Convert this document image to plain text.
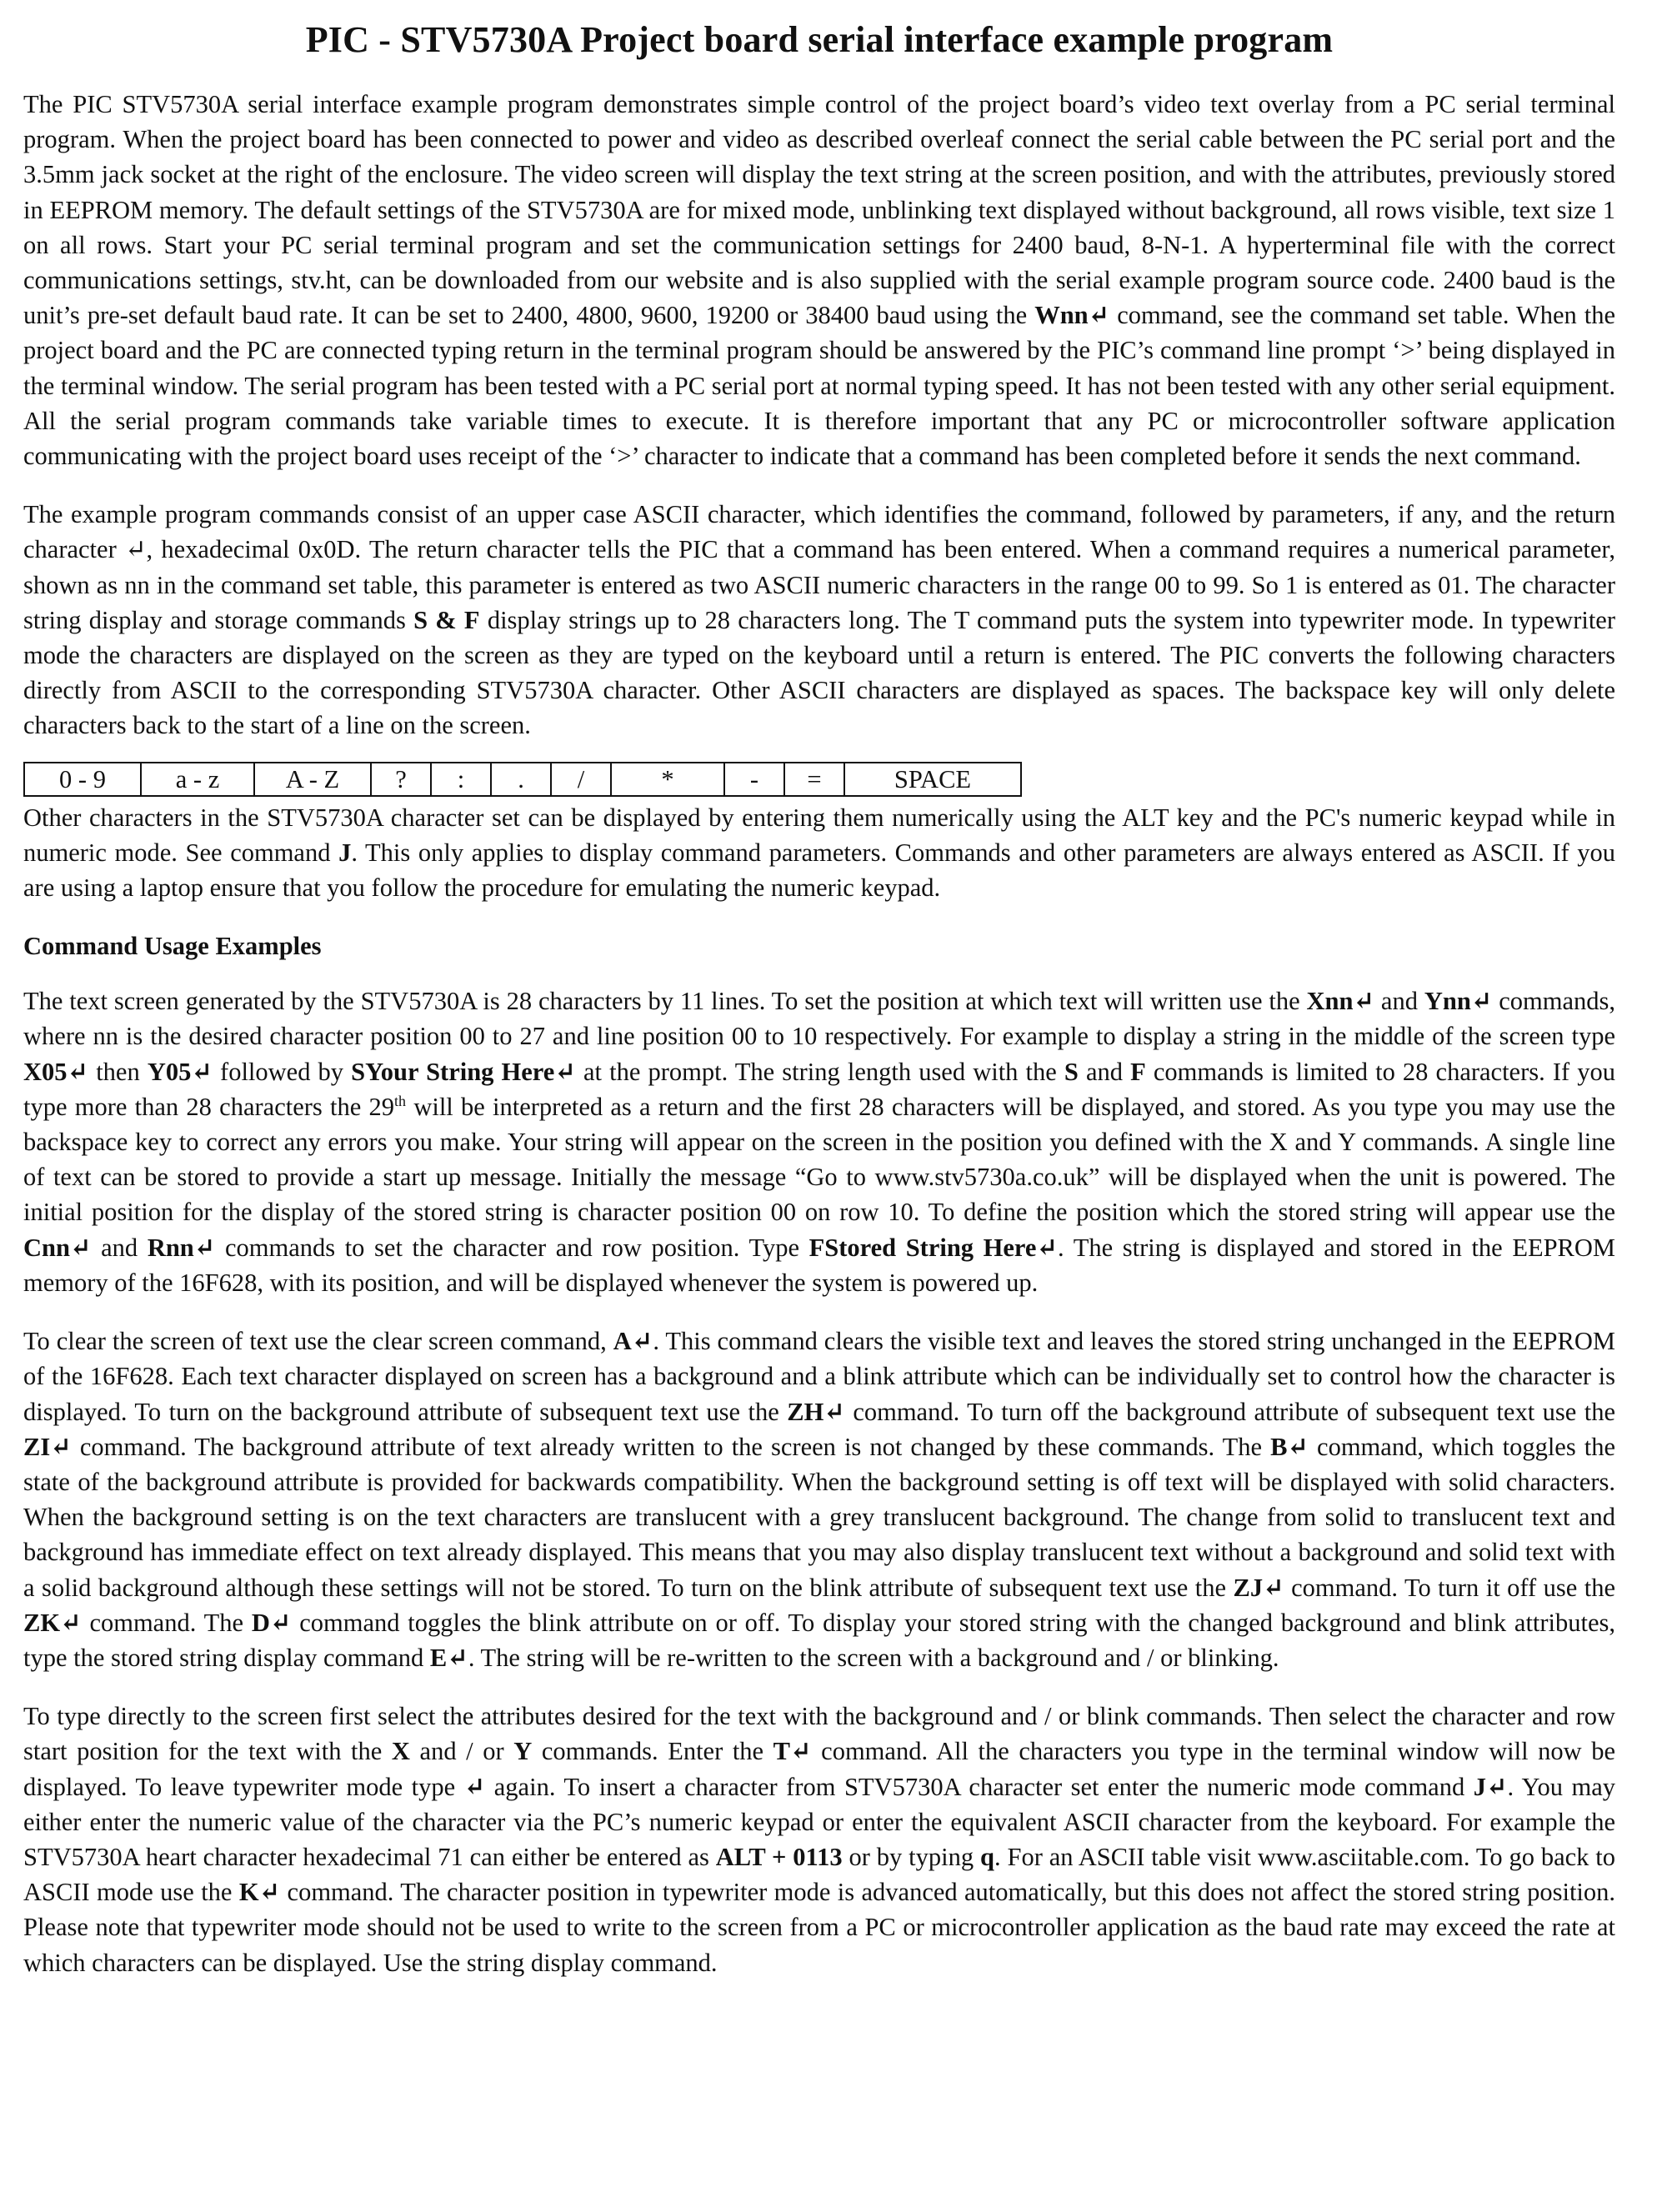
PIC - STV5730A Project board serial interface example program

The PIC STV5730A serial interface example program demonstrates simple control of the project board’s video text overlay from a PC serial terminal program. When the project board has been connected to power and video as described overleaf connect the serial cable between the PC serial port and the 3.5mm jack socket at the right of the enclosure. The video screen will display the text string at the screen position, and with the attributes, previously stored in EEPROM memory. The default settings of the STV5730A are for mixed mode, unblinking text displayed without background, all rows visible, text size 1 on all rows. Start your PC serial terminal program and set the communication settings for 2400 baud, 8-N-1. A hyperterminal file with the correct communications settings, stv.ht, can be downloaded from our website and is also supplied with the serial example program source code. 2400 baud is the unit’s pre-set default baud rate. It can be set to 2400, 4800, 9600, 19200 or 38400 baud using the Wnn↵ command, see the command set table. When the project board and the PC are connected typing return in the terminal program should be answered by the PIC’s command line prompt ‘>’ being displayed in the terminal window. The serial program has been tested with a PC serial port at normal typing speed. It has not been tested with any other serial equipment. All the serial program commands take variable times to execute. It is therefore important that any PC or microcontroller software application communicating with the project board uses receipt of the ‘>’ character to indicate that a command has been completed before it sends the next command.

The example program commands consist of an upper case ASCII character, which identifies the command, followed by parameters, if any, and the return character ↵, hexadecimal 0x0D. The return character tells the PIC that a command has been entered. When a command requires a numerical parameter, shown as nn in the command set table, this parameter is entered as two ASCII numeric characters in the range 00 to 99. So 1 is entered as 01. The character string display and storage commands S & F display strings up to 28 characters long. The T command puts the system into typewriter mode. In typewriter mode the characters are displayed on the screen as they are typed on the keyboard until a return is entered. The PIC converts the following characters directly from ASCII to the corresponding STV5730A character. Other ASCII characters are displayed as spaces. The backspace key will only delete characters back to the start of a line on the screen.

0 - 9	a - z	A - Z	?	:	.	/	*	-	=	SPACE

Other characters in the STV5730A character set can be displayed by entering them numerically using the ALT key and the PC's numeric keypad while in numeric mode. See command J. This only applies to display command parameters. Commands and other parameters are always entered as ASCII. If you are using a laptop ensure that you follow the procedure for emulating the numeric keypad.

Command Usage Examples

The text screen generated by the STV5730A is 28 characters by 11 lines. To set the position at which text will written use the Xnn↵ and Ynn↵ commands, where nn is the desired character position 00 to 27 and line position 00 to 10 respectively. For example to display a string in the middle of the screen type X05↵ then Y05↵ followed by SYour String Here↵ at the prompt. The string length used with the S and F commands is limited to 28 characters. If you type more than 28 characters the 29th will be interpreted as a return and the first 28 characters will be displayed, and stored. As you type you may use the backspace key to correct any errors you make. Your string will appear on the screen in the position you defined with the X and Y commands. A single line of text can be stored to provide a start up message. Initially the message “Go to www.stv5730a.co.uk” will be displayed when the unit is powered. The initial position for the display of the stored string is character position 00 on row 10. To define the position which the stored string will appear use the Cnn↵ and Rnn↵ commands to set the character and row position. Type FStored String Here↵. The string is displayed and stored in the EEPROM memory of the 16F628, with its position, and will be displayed whenever the system is powered up.

To clear the screen of text use the clear screen command, A↵. This command clears the visible text and leaves the stored string unchanged in the EEPROM of the 16F628. Each text character displayed on screen has a background and a blink attribute which can be individually set to control how the character is displayed. To turn on the background attribute of subsequent text use the ZH↵ command. To turn off the background attribute of subsequent text use the ZI↵ command. The background attribute of text already written to the screen is not changed by these commands. The B↵ command, which toggles the state of the background attribute is provided for backwards compatibility. When the background setting is off text will be displayed with solid characters. When the background setting is on the text characters are translucent with a grey translucent background. The change from solid to translucent text and background has immediate effect on text already displayed. This means that you may also display translucent text without a background and solid text with a solid background although these settings will not be stored. To turn on the blink attribute of subsequent text use the ZJ↵ command. To turn it off use the ZK↵ command. The D↵ command toggles the blink attribute on or off. To display your stored string with the changed background and blink attributes, type the stored string display command E↵. The string will be re-written to the screen with a background and / or blinking.

To type directly to the screen first select the attributes desired for the text with the background and / or blink commands. Then select the character and row start position for the text with the X and / or Y commands. Enter the T↵ command. All the characters you type in the terminal window will now be displayed. To leave typewriter mode type ↵ again. To insert a character from STV5730A character set enter the numeric mode command J↵. You may either enter the numeric value of the character via the PC’s numeric keypad or enter the equivalent ASCII character from the keyboard. For example the STV5730A heart character hexadecimal 71 can either be entered as ALT + 0113 or by typing q. For an ASCII table visit www.asciitable.com. To go back to ASCII mode use the K↵ command. The character position in typewriter mode is advanced automatically, but this does not affect the stored string position. Please note that typewriter mode should not be used to write to the screen from a PC or microcontroller application as the baud rate may exceed the rate at which characters can be displayed. Use the string display command.
